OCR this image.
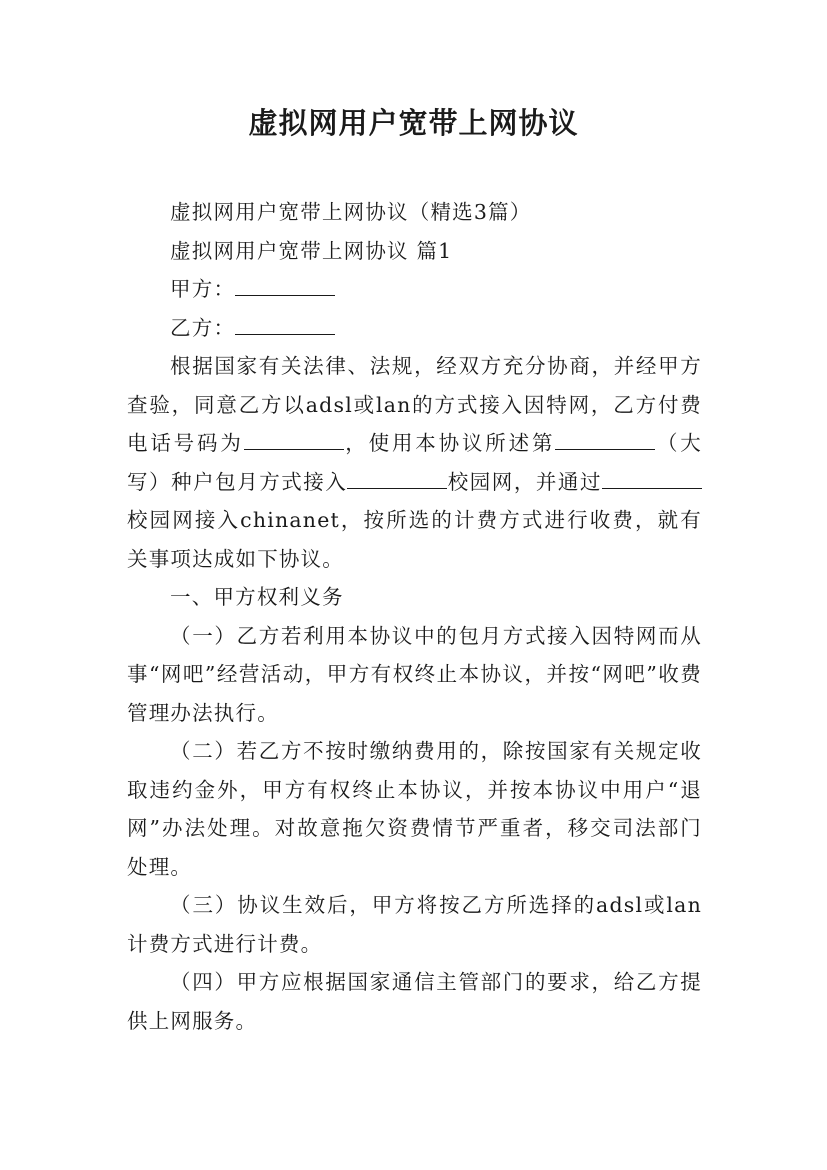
虚拟网用户宽带上网协议

虚拟网用户宽带上网协议（精选3篇）

虚拟网用户宽带上网协议 篇1

甲方：

乙方：

根据国家有关法律、法规，经双方充分协商，并经甲方查验，同意乙方以adsl或lan的方式接入因特网，乙方付费电话号码为	，使用本协议所述第	（大写）种户包月方式接入	校园网，并通过校园网接入chinanet，按所选的计费方式进行收费，就有关事项达成如下协议。

一、甲方权利义务

（一）乙方若利用本协议中的包月方式接入因特网而从事“网吧”经营活动，甲方有权终止本协议，并按“网吧”收费管理办法执行。

（二）若乙方不按时缴纳费用的，除按国家有关规定收取违约金外，甲方有权终止本协议，并按本协议中用户“退网”办法处理。对故意拖欠资费情节严重者，移交司法部门处理。

（三）协议生效后，甲方将按乙方所选择的adsl或lan计费方式进行计费。

（四）甲方应根据国家通信主管部门的要求，给乙方提供上网服务。
